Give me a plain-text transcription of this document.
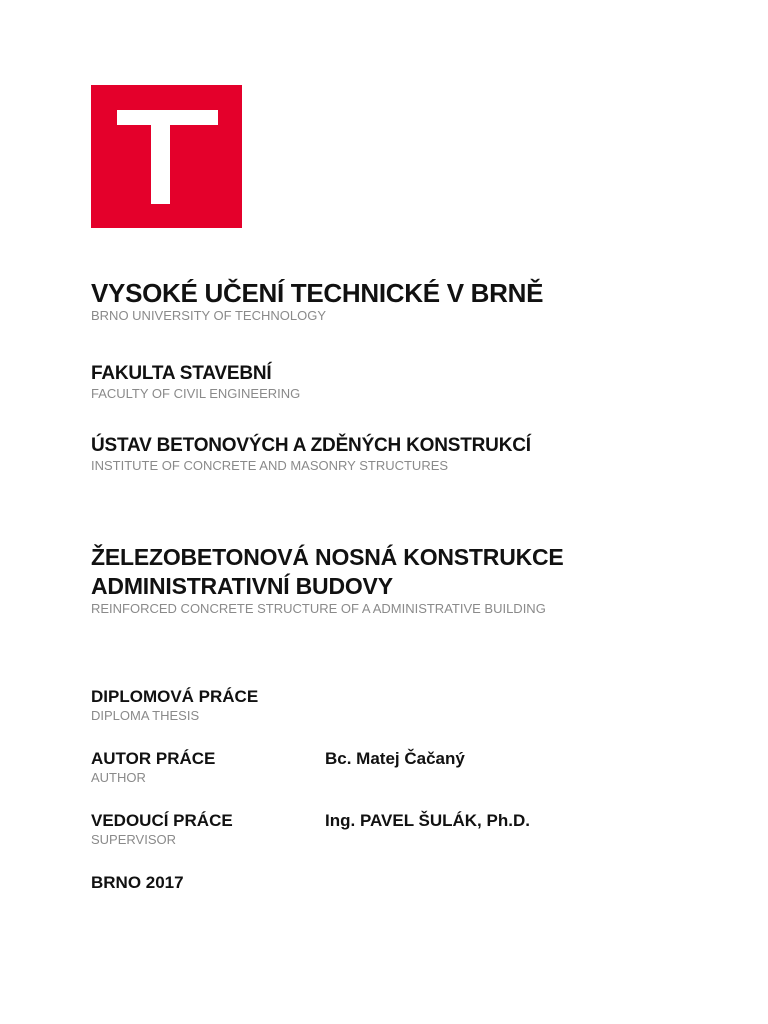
VYSOKÉ UČENÍ TECHNICKÉ V BRNĚ
BRNO UNIVERSITY OF TECHNOLOGY
FAKULTA STAVEBNÍ
FACULTY OF CIVIL ENGINEERING
ÚSTAV BETONOVÝCH A ZDĚNÝCH KONSTRUKCÍ
INSTITUTE OF CONCRETE AND MASONRY STRUCTURES
ŽELEZOBETONOVÁ NOSNÁ KONSTRUKCE
ADMINISTRATIVNÍ BUDOVY
REINFORCED CONCRETE STRUCTURE OF A ADMINISTRATIVE BUILDING
DIPLOMOVÁ PRÁCE
DIPLOMA THESIS
AUTOR PRÁCE
AUTHOR
Bc. Matej Čačaný
VEDOUCÍ PRÁCE
SUPERVISOR
Ing. PAVEL ŠULÁK, Ph.D.
BRNO 2017
